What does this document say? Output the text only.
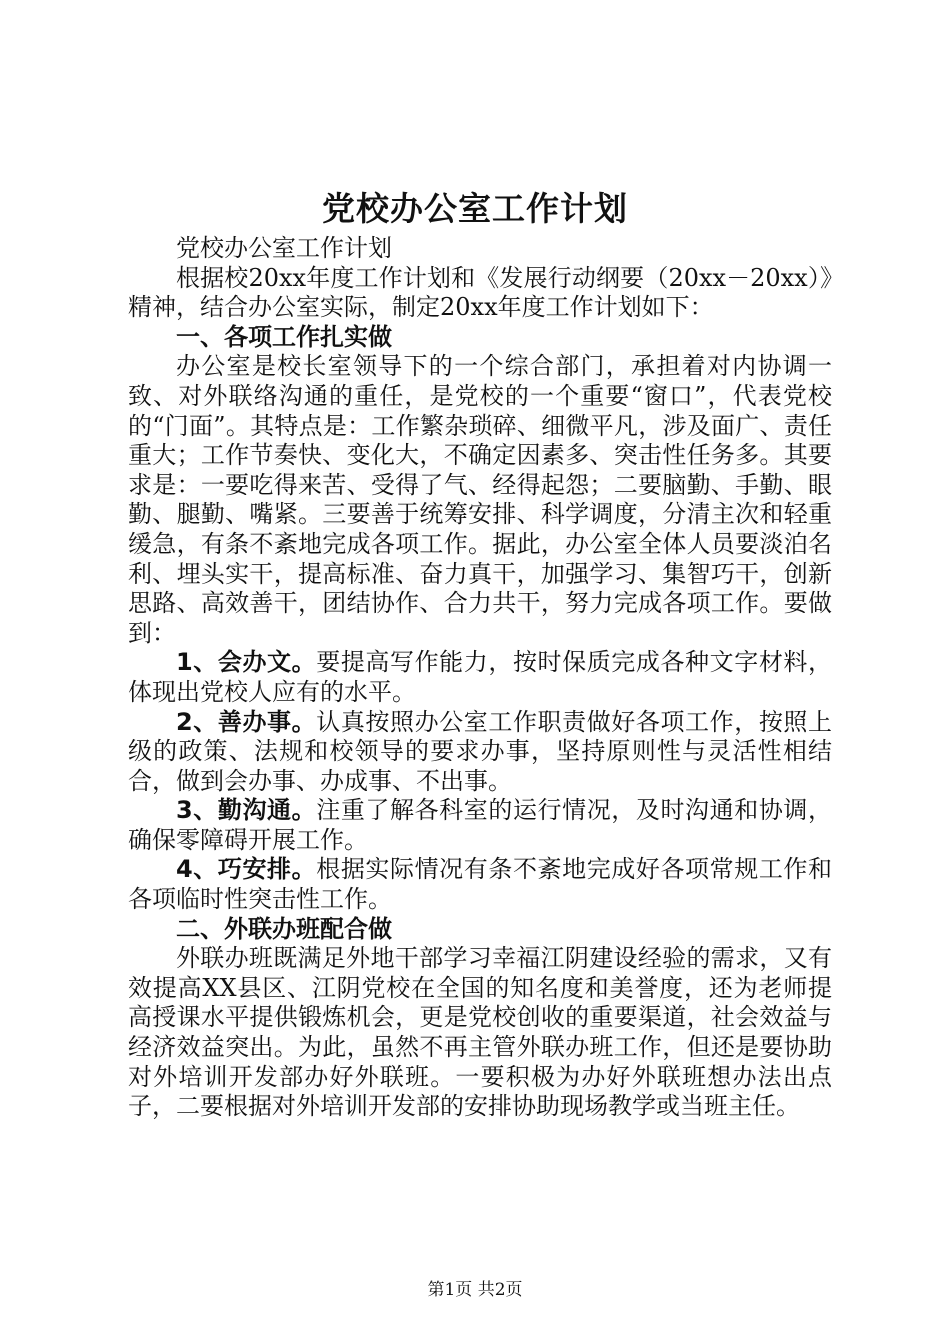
党校办公室工作计划

党校办公室工作计划

根据校20xx年度工作计划和《发展行动纲要（20xx－20xx）》精神，结合办公室实际，制定20xx年度工作计划如下：

一、各项工作扎实做

办公室是校长室领导下的一个综合部门，承担着对内协调一致、对外联络沟通的重任，是党校的一个重要“窗口”，代表党校的“门面”。其特点是：工作繁杂琐碎、细微平凡，涉及面广、责任重大；工作节奏快、变化大，不确定因素多、突击性任务多。其要求是：一要吃得来苦、受得了气、经得起怨；二要脑勤、手勤、眼勤、腿勤、嘴紧。三要善于统筹安排、科学调度，分清主次和轻重缓急，有条不紊地完成各项工作。据此，办公室全体人员要淡泊名利、埋头实干，提高标准、奋力真干，加强学习、集智巧干，创新思路、高效善干，团结协作、合力共干，努力完成各项工作。要做到：

1、会办文。要提高写作能力，按时保质完成各种文字材料，体现出党校人应有的水平。

2、善办事。认真按照办公室工作职责做好各项工作，按照上级的政策、法规和校领导的要求办事，坚持原则性与灵活性相结合，做到会办事、办成事、不出事。

3、勤沟通。注重了解各科室的运行情况，及时沟通和协调，确保零障碍开展工作。

4、巧安排。根据实际情况有条不紊地完成好各项常规工作和各项临时性突击性工作。

二、外联办班配合做

外联办班既满足外地干部学习幸福江阴建设经验的需求，又有效提高XX县区、江阴党校在全国的知名度和美誉度，还为老师提高授课水平提供锻炼机会，更是党校创收的重要渠道，社会效益与经济效益突出。为此，虽然不再主管外联办班工作，但还是要协助对外培训开发部办好外联班。一要积极为办好外联班想办法出点子，二要根据对外培训开发部的安排协助现场教学或当班主任。

第1页 共2页
